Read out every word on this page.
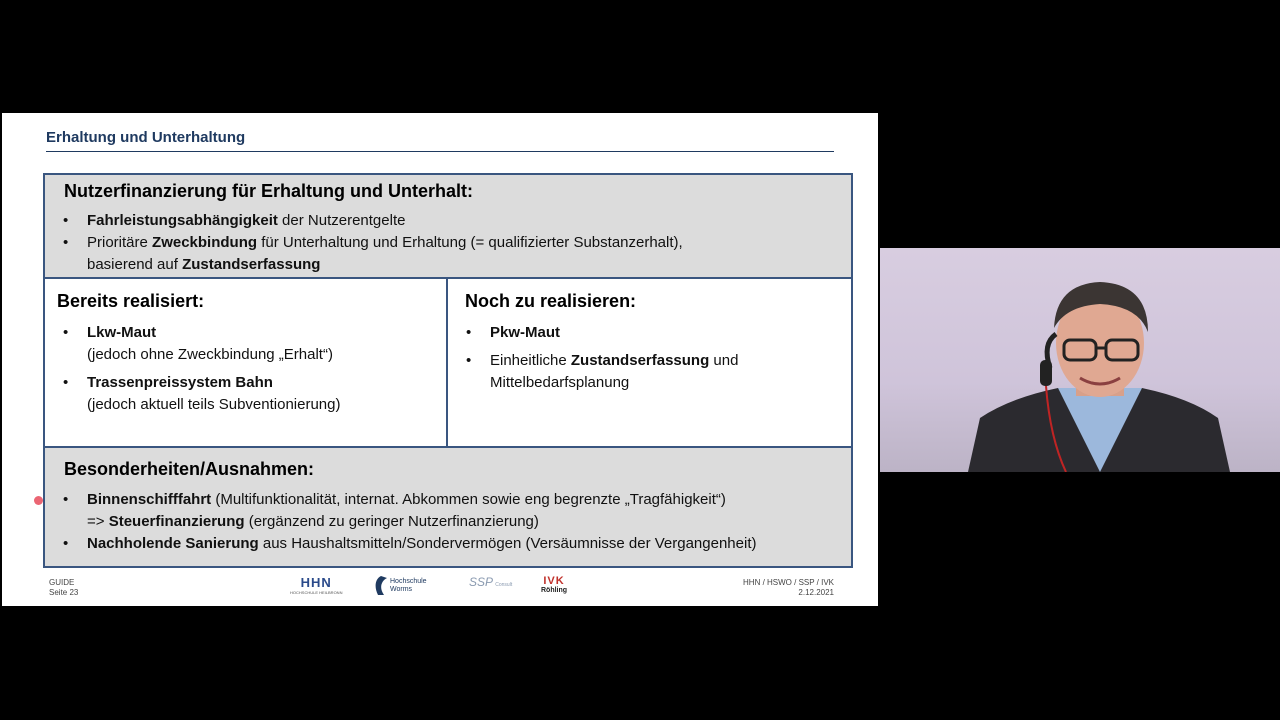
Erhaltung und Unterhaltung
Nutzerfinanzierung für Erhaltung und Unterhalt:
• Fahrleistungsabhängigkeit der Nutzerentgelte
• Prioritäre Zweckbindung für Unterhaltung und Erhaltung (= qualifizierter Substanzerhalt),
basierend auf Zustandserfassung
Bereits realisiert:
• Lkw-Maut
(jedoch ohne Zweckbindung „Erhalt“)
• Trassenpreissystem Bahn
(jedoch aktuell teils Subventionierung)
Noch zu realisieren:
• Pkw-Maut
• Einheitliche Zustandserfassung und
Mittelbedarfsplanung
Besonderheiten/Ausnahmen:
• Binnenschifffahrt (Multifunktionalität, internat. Abkommen sowie eng begrenzte „Tragfähigkeit“)
=> Steuerfinanzierung (ergänzend zu geringer Nutzerfinanzierung)
• Nachholende Sanierung aus Haushaltsmitteln/Sondervermögen (Versäumnisse der Vergangenheit)
GUIDE
Seite 23
HHN
HOCHSCHULE HEILBRONN
Hochschule Worms
SSP Consult	IVK
Röhling
HHN / HSWO / SSP / IVK
2.12.2021
